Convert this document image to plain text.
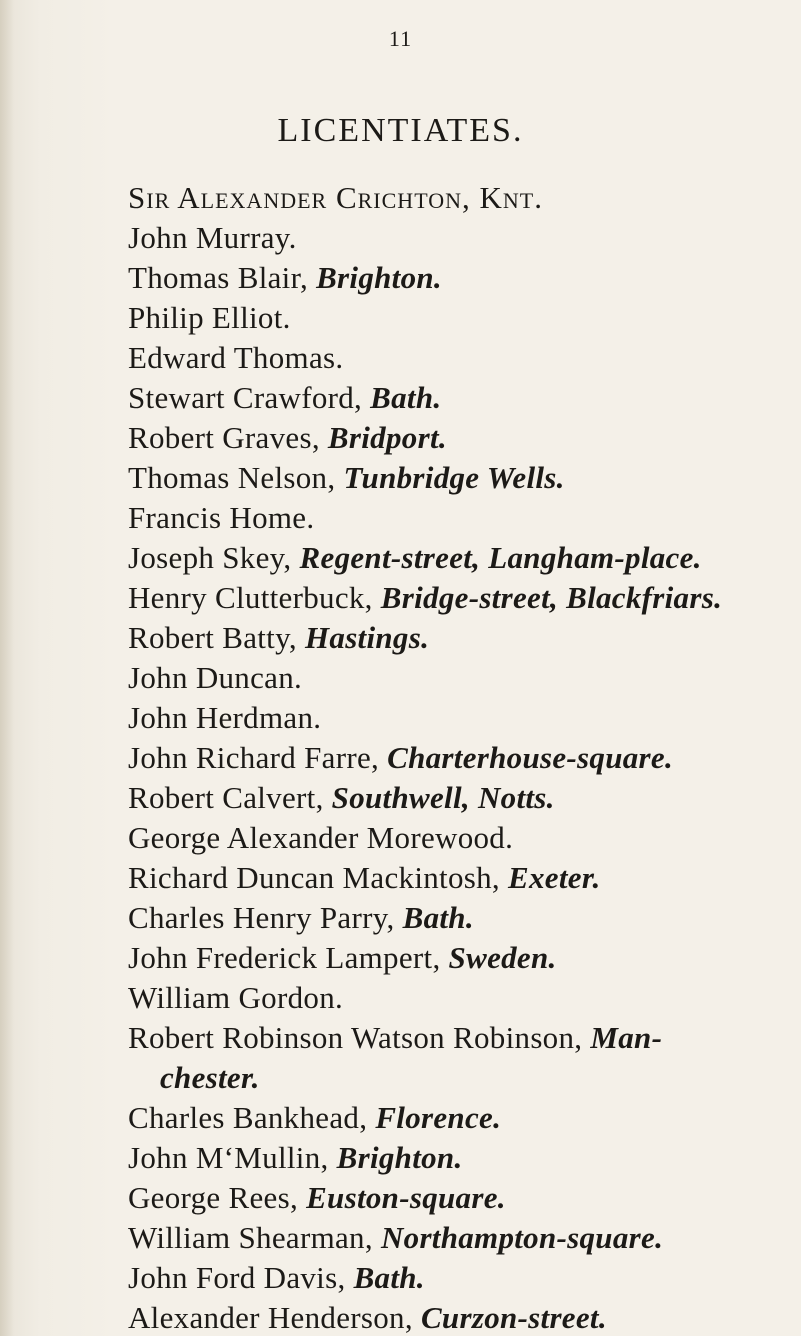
11
LICENTIATES.
Sir Alexander Crichton, Knt.
John Murray.
Thomas Blair, Brighton.
Philip Elliot.
Edward Thomas.
Stewart Crawford, Bath.
Robert Graves, Bridport.
Thomas Nelson, Tunbridge Wells.
Francis Home.
Joseph Skey, Regent-street, Langham-place.
Henry Clutterbuck, Bridge-street, Blackfriars.
Robert Batty, Hastings.
John Duncan.
John Herdman.
John Richard Farre, Charterhouse-square.
Robert Calvert, Southwell, Notts.
George Alexander Morewood.
Richard Duncan Mackintosh, Exeter.
Charles Henry Parry, Bath.
John Frederick Lampert, Sweden.
William Gordon.
Robert Robinson Watson Robinson, Man-
chester.
Charles Bankhead, Florence.
John M‘Mullin, Brighton.
George Rees, Euston-square.
William Shearman, Northampton-square.
John Ford Davis, Bath.
Alexander Henderson, Curzon-street.
